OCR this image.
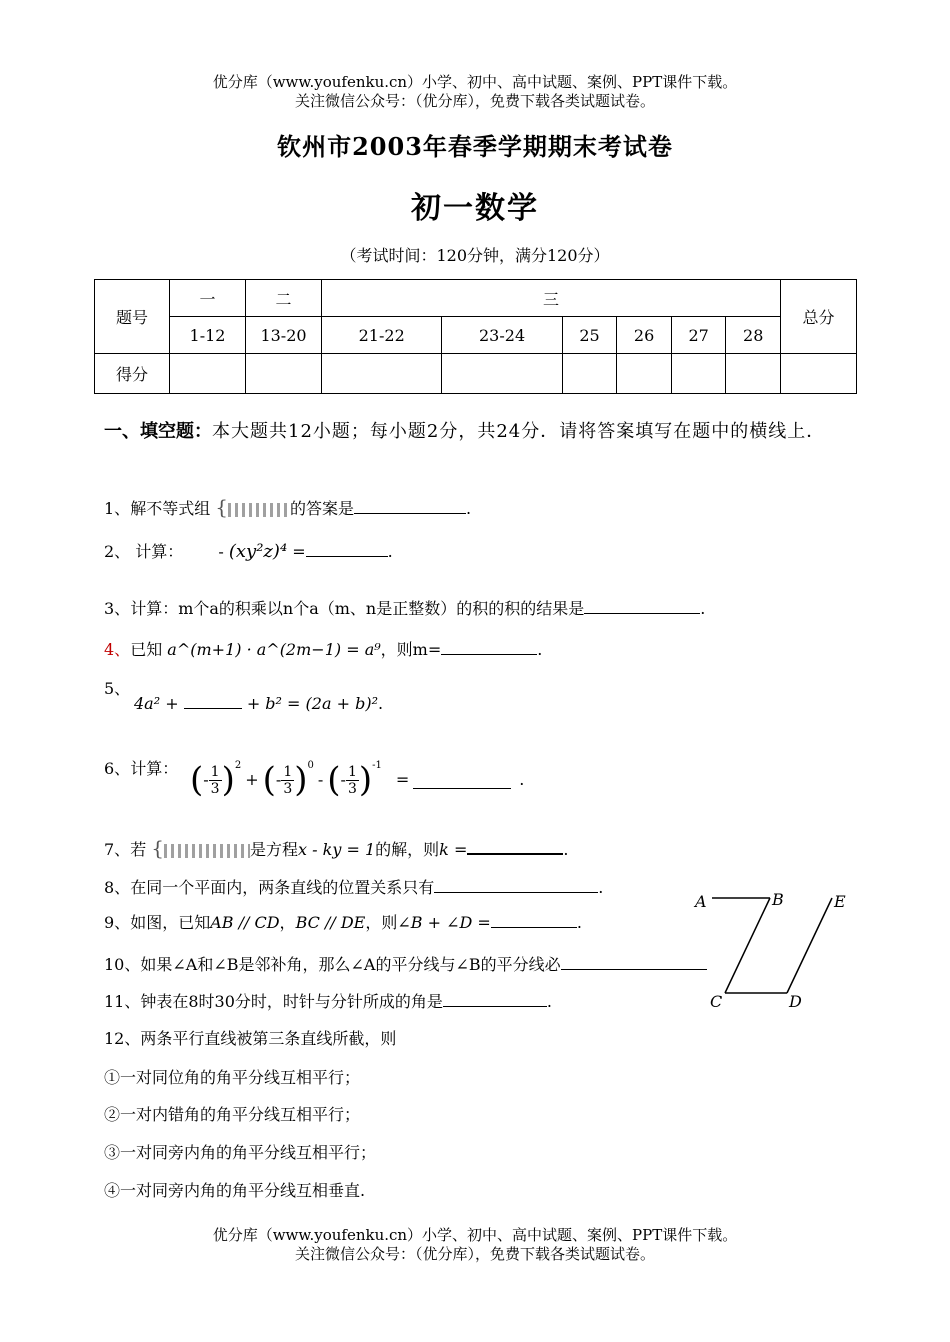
优分库（www.youfenku.cn）小学、初中、高中试题、案例、PPT课件下载。
关注微信公众号：（优分库），免费下载各类试题试卷。
钦州市2003年春季学期期末考试卷
初一数学
（考试时间：120分钟，满分120分）
题号	一	二	三						总分
	1-12	13-20	21-22	23-24	25	26	27	28	
得分									
一、填空题：本大题共12小题；每小题2分，共24分．请将答案填写在题中的横线上．
1、解不等式组 {	的答案是	.
2、 计算： - (xy²z)⁴ =	.
3、计算：m个a的积乘以n个a（m、n是正整数）的积的积的结果是	.
4、已知 a^(m+1) · a^(2m−1) = a⁹，则m=	.
5、
4a² +	+ b² = (2a + b)².
6、计算： ( - $\frac{1}{3} )^2$
+ ( - $\frac{1}{3} )^0$
- ( - $\frac{1}{3} )^{-1}$
=	.
7、若 {	是方程x - ky = 1的解，则k =	.
8、在同一个平面内，两条直线的位置关系只有	.
9、如图，已知AB // CD，BC // DE，则∠B + ∠D =	.
10、如果∠A和∠B是邻补角，那么∠A的平分线与∠B的平分线必
11、钟表在8时30分时，时针与分针所成的角是	.
12、两条平行直线被第三条直线所截，则
①一对同位角的角平分线互相平行；
②一对内错角的角平分线互相平行；
③一对同旁内角的角平分线互相平行；
④一对同旁内角的角平分线互相垂直.
A	B	E
C	D
优分库（www.youfenku.cn）小学、初中、高中试题、案例、PPT课件下载。
关注微信公众号：（优分库），免费下载各类试题试卷。
